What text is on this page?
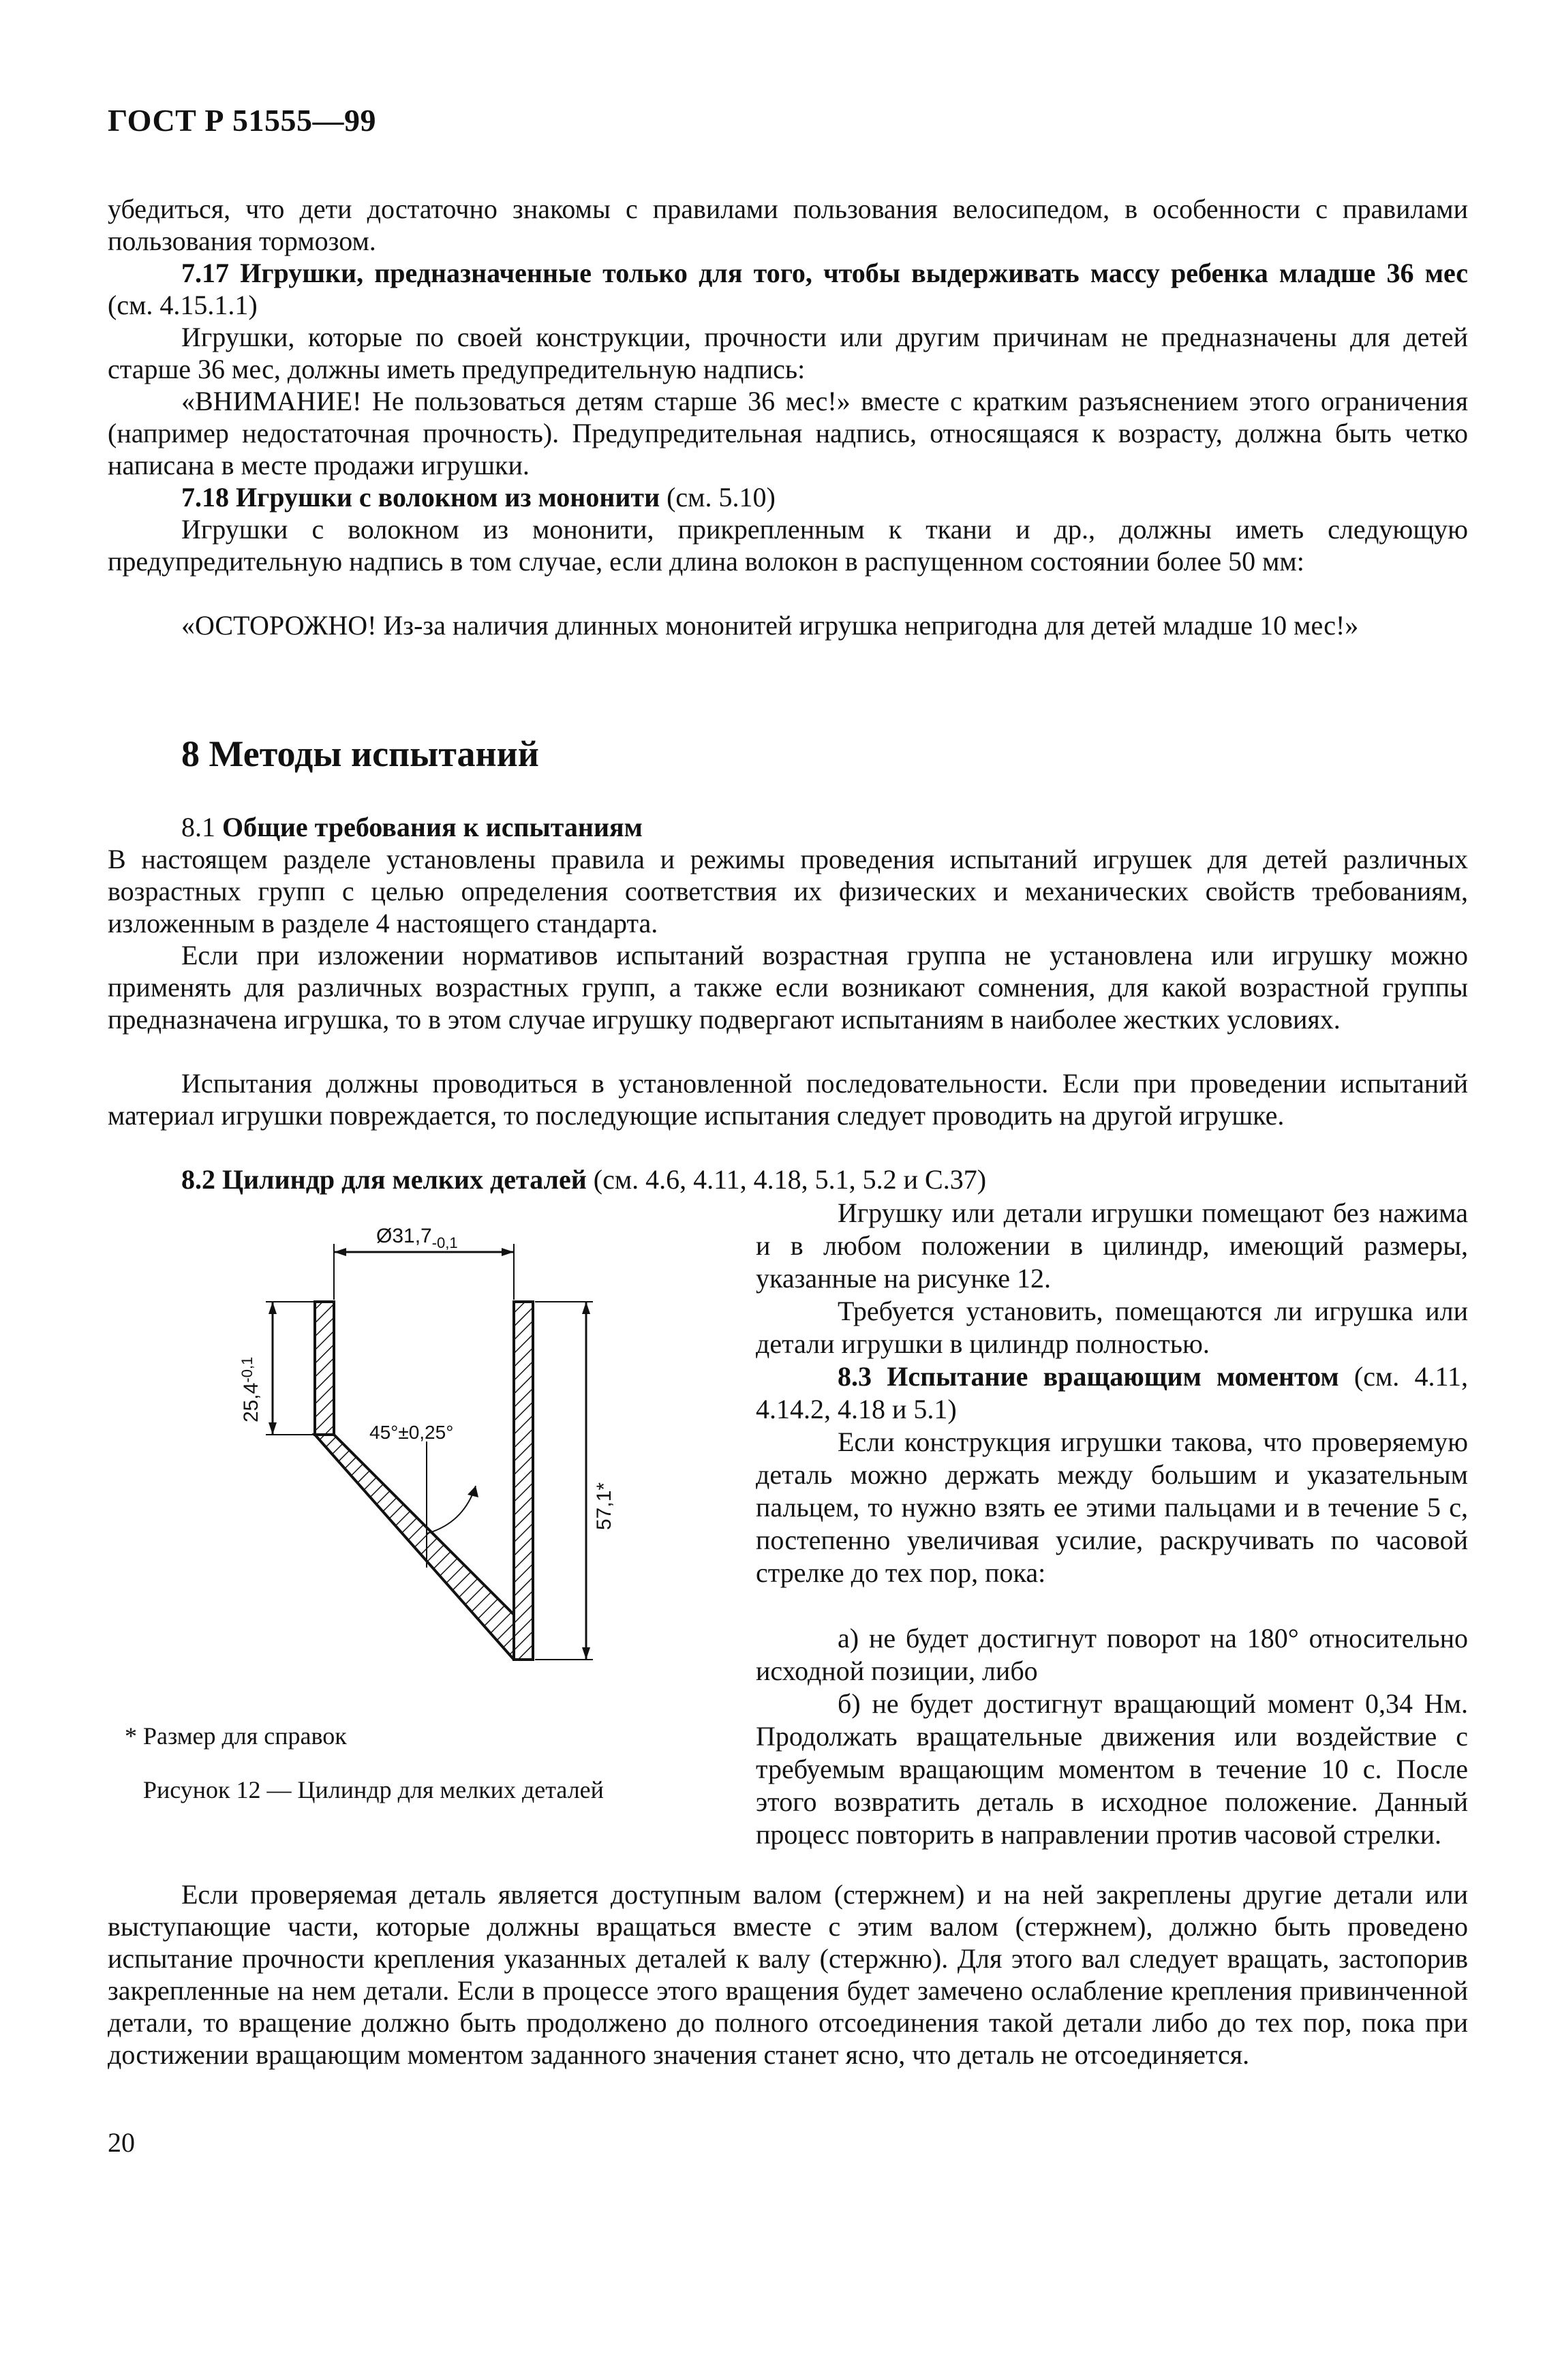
ГОСТ Р 51555—99

убедиться, что дети достаточно знакомы с правилами пользования велосипедом, в особенности с правилами пользования тормозом.

7.17 Игрушки, предназначенные только для того, чтобы выдерживать массу ребенка младше 36 мес (см. 4.15.1.1)

Игрушки, которые по своей конструкции, прочности или другим причинам не предназначены для детей старше 36 мес, должны иметь предупредительную надпись:

«ВНИМАНИЕ! Не пользоваться детям старше 36 мес!» вместе с кратким разъяснением этого ограничения (например недостаточная прочность). Предупредительная надпись, относящаяся к возрасту, должна быть четко написана в месте продажи игрушки.

7.18 Игрушки с волокном из мононити (см. 5.10)

Игрушки с волокном из мононити, прикрепленным к ткани и др., должны иметь следующую предупредительную надпись в том случае, если длина волокон в распущенном состоянии более 50 мм:

«ОСТОРОЖНО! Из-за наличия длинных мононитей игрушка непригодна для детей младше 10 мес!»

8 Методы испытаний

8.1 Общие требования к испытаниям

В настоящем разделе установлены правила и режимы проведения испытаний игрушек для детей различных возрастных групп с целью определения соответствия их физических и механических свойств требованиям, изложенным в разделе 4 настоящего стандарта.

Если при изложении нормативов испытаний возрастная группа не установлена или игрушку можно применять для различных возрастных групп, а также если возникают сомнения, для какой возрастной группы предназначена игрушка, то в этом случае игрушку подвергают испытаниям в наиболее жестких условиях.

Испытания должны проводиться в установленной последовательности. Если при проведении испытаний материал игрушки повреждается, то последующие испытания следует проводить на другой игрушке.

8.2 Цилиндр для мелких деталей (см. 4.6, 4.11, 4.18, 5.1, 5.2 и С.37)

Игрушку или детали игрушки помещают без нажима и в любом положении в цилиндр, имеющий размеры, указанные на рисунке 12.

Требуется установить, помещаются ли игрушка или детали игрушки в цилиндр полностью.

8.3 Испытание вращающим моментом (см. 4.11, 4.14.2, 4.18 и 5.1)

Если конструкция игрушки такова, что проверяемую деталь можно держать между большим и указательным пальцем, то нужно взять ее этими пальцами и в течение 5 с, постепенно увеличивая усилие, раскручивать по часовой стрелке до тех пор, пока:

а) не будет достигнут поворот на 180° относительно исходной позиции, либо

б) не будет достигнут вращающий момент 0,34 Нм. Продолжать вращательные движения или воздействие с требуемым вращающим моментом в течение 10 с. После этого возвратить деталь в исходное положение. Данный процесс повторить в направлении против часовой стрелки.

$Ø31,7_{-0,1}$
$25,4^{-0,1}$
57,1*
45°±0,25°
* Размер для справок
Рисунок 12 — Цилиндр для мелких деталей

Если проверяемая деталь является доступным валом (стержнем) и на ней закреплены другие детали или выступающие части, которые должны вращаться вместе с этим валом (стержнем), должно быть проведено испытание прочности крепления указанных деталей к валу (стержню). Для этого вал следует вращать, застопорив закрепленные на нем детали. Если в процессе этого вращения будет замечено ослабление крепления привинченной детали, то вращение должно быть продолжено до полного отсоединения такой детали либо до тех пор, пока при достижении вращающим моментом заданного значения станет ясно, что деталь не отсоединяется.

20
